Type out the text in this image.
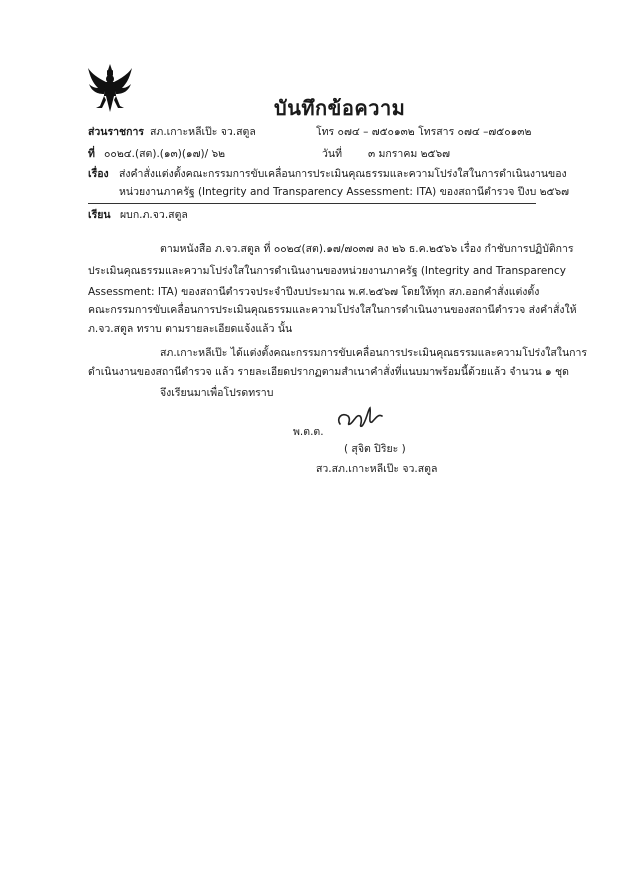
บันทึกข้อความ
ส่วนราชการ สภ.เกาะหลีเป๊ะ จว.สตูล	โทร ๐๗๔ – ๗๕๐๑๓๒ โทรสาร ๐๗๔ –๗๕๐๑๓๒
ที่ ๐๐๒๔.(สต).(๑๓)(๑๗)/ ๖๒	วันที่ ๓ มกราคม ๒๕๖๗
เรื่อง ส่งคำสั่งแต่งตั้งคณะกรรมการขับเคลื่อนการประเมินคุณธรรมและความโปร่งใสในการดำเนินงานของ
หน่วยงานภาครัฐ (Integrity and Transparency Assessment: ITA) ของสถานีตำรวจ ปีงบ ๒๕๖๗
เรียน ผบก.ภ.จว.สตูล
ตามหนังสือ ภ.จว.สตูล ที่ ๐๐๒๔(สต).๑๗/๗๐๓๗ ลง ๒๖ ธ.ค.๒๕๖๖ เรื่อง กำชับการปฏิบัติการ
ประเมินคุณธรรมและความโปร่งใสในการดำเนินงานของหน่วยงานภาครัฐ (Integrity and Transparency
Assessment: ITA) ของสถานีตำรวจประจำปีงบประมาณ พ.ศ.๒๕๖๗ โดยให้ทุก สภ.ออกคำสั่งแต่งตั้ง
คณะกรรมการขับเคลื่อนการประเมินคุณธรรมและความโปร่งใสในการดำเนินงานของสถานีตำรวจ ส่งคำสั่งให้
ภ.จว.สตูล ทราบ ตามรายละเอียดแจ้งแล้ว นั้น
สภ.เกาะหลีเป๊ะ ได้แต่งตั้งคณะกรรมการขับเคลื่อนการประเมินคุณธรรมและความโปร่งใสในการ
ดำเนินงานของสถานีตำรวจ แล้ว รายละเอียดปรากฏตามสำเนาคำสั่งที่แนบมาพร้อมนี้ด้วยแล้ว จำนวน ๑ ชุด
จึงเรียนมาเพื่อโปรดทราบ
พ.ต.ต.
( สุจิต ปิริยะ )
สว.สภ.เกาะหลีเป๊ะ จว.สตูล
